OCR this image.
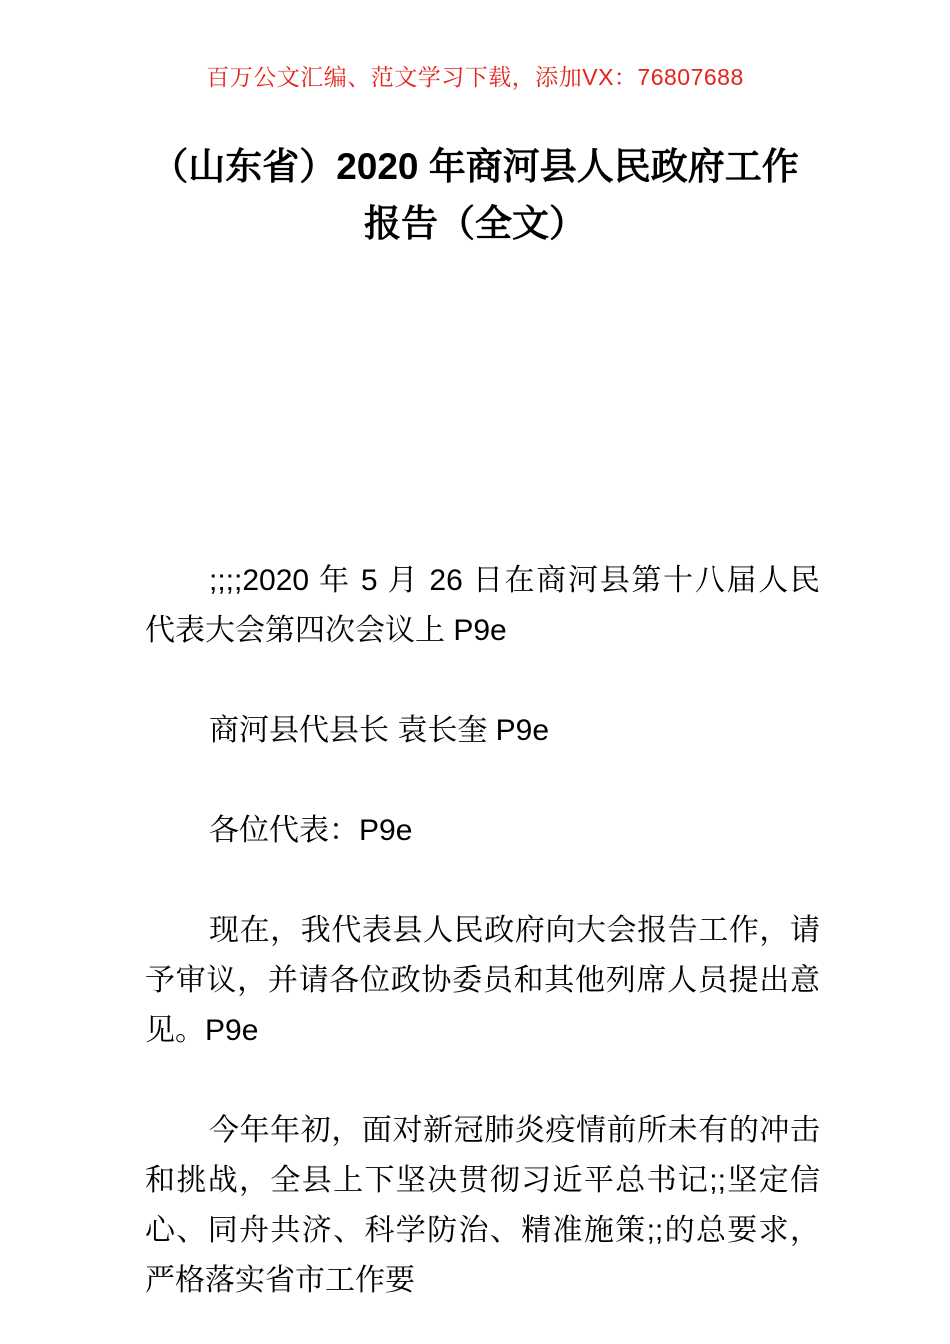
百万公文汇编、范文学习下载，添加VX：76807688
（山东省）2020 年商河县人民政府工作报告（全文）

;;;;2020 年 5 月 26 日在商河县第十八届人民代表大会第四次会议上 P9e

商河县代县长 袁长奎 P9e

各位代表：P9e

现在，我代表县人民政府向大会报告工作，请予审议，并请各位政协委员和其他列席人员提出意见。P9e

今年年初，面对新冠肺炎疫情前所未有的冲击和挑战，全县上下坚决贯彻习近平总书记;;坚定信心、同舟共济、科学防治、精准施策;;的总要求，严格落实省市工作要
